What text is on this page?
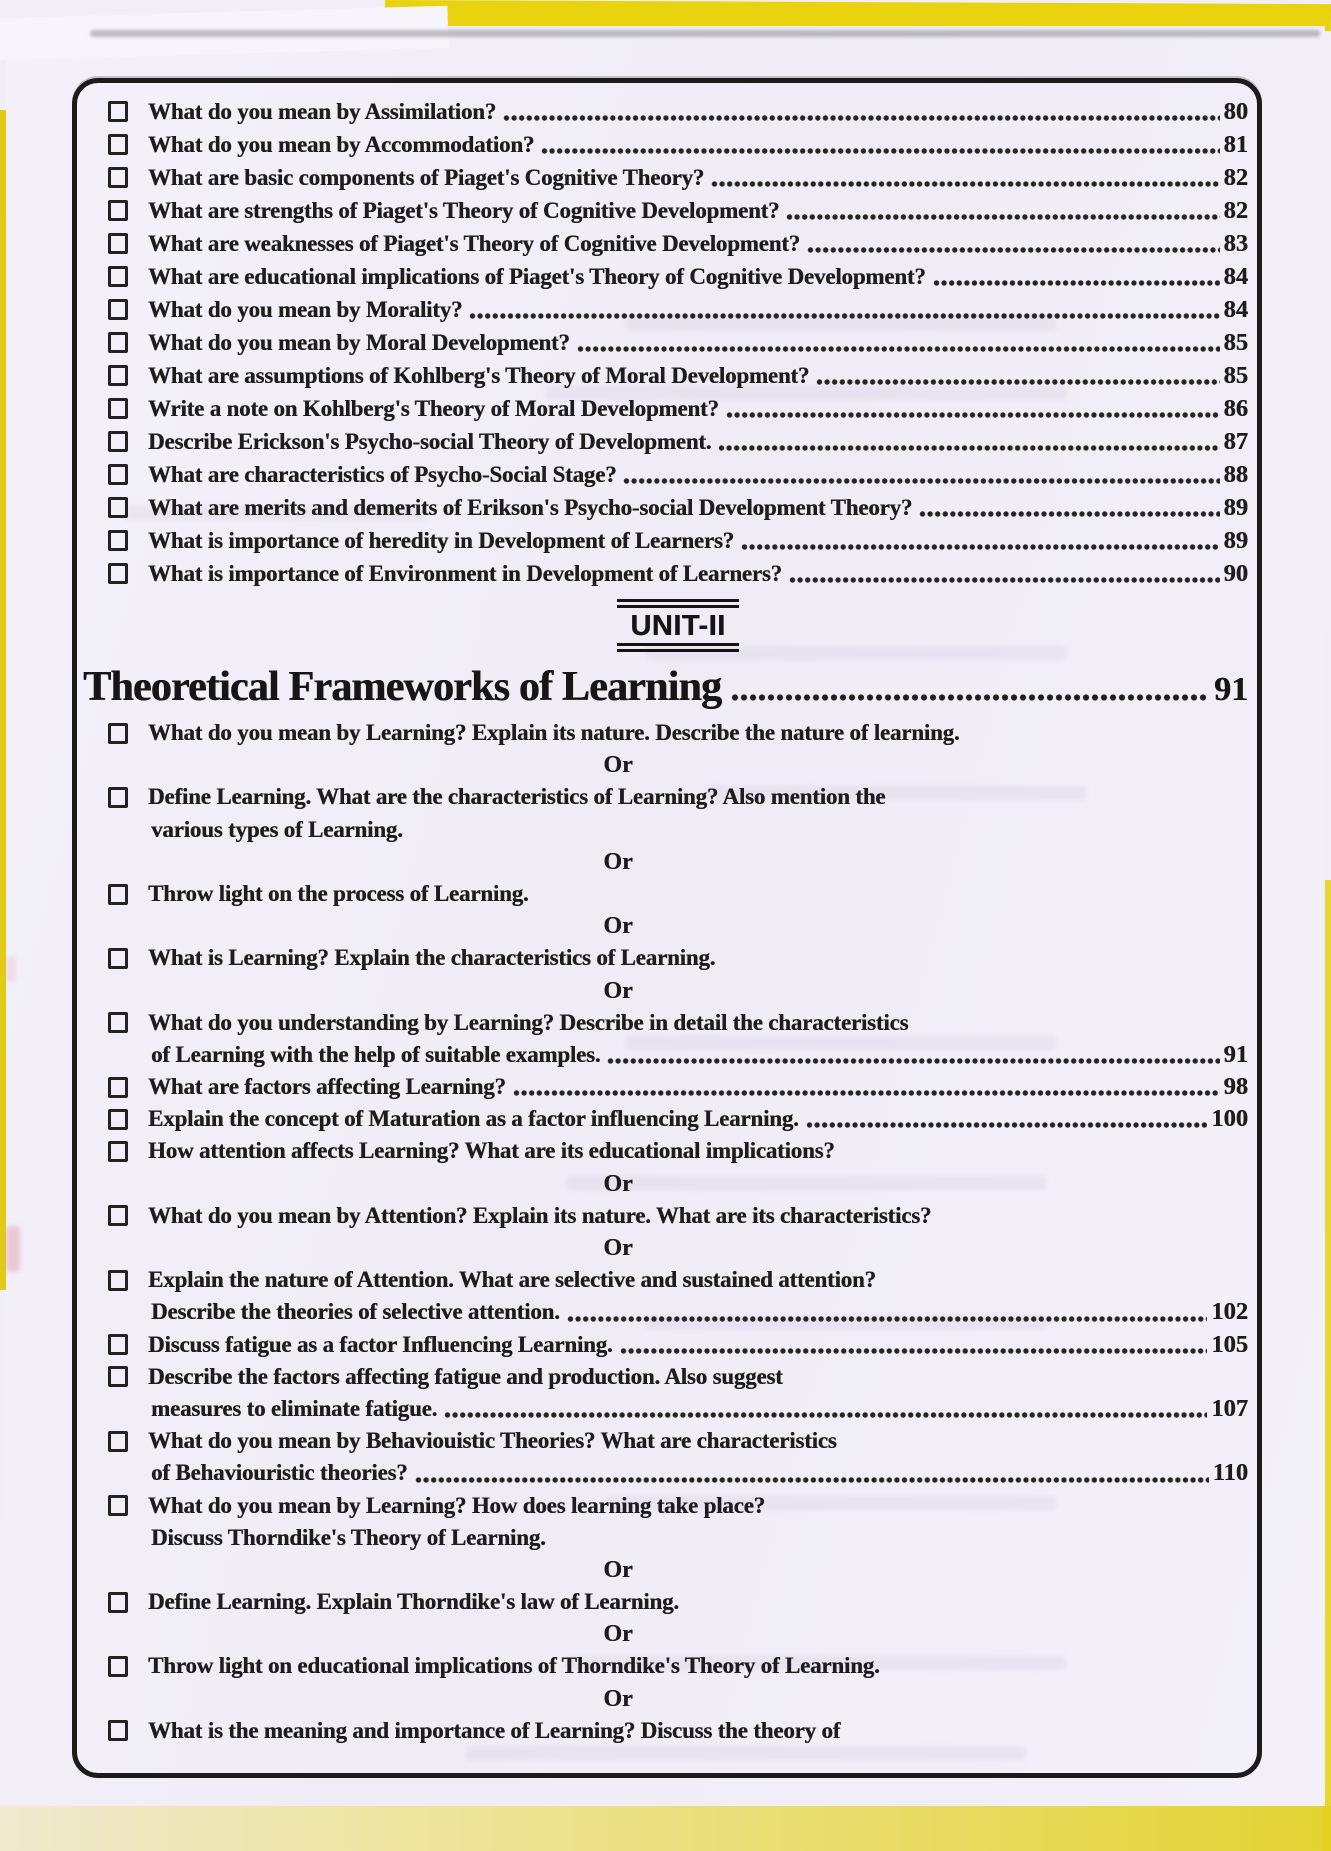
What do you mean by Assimilation?	80
What do you mean by Accommodation?	81
What are basic components of Piaget's Cognitive Theory?	82
What are strengths of Piaget's Theory of Cognitive Development?	82
What are weaknesses of Piaget's Theory of Cognitive Development?	83
What are educational implications of Piaget's Theory of Cognitive Development?	84
What do you mean by Morality?	84
What do you mean by Moral Development?	85
What are assumptions of Kohlberg's Theory of Moral Development?	85
Write a note on Kohlberg's Theory of Moral Development?	86
Describe Erickson's Psycho-social Theory of Development.	87
What are characteristics of Psycho-Social Stage?	88
What are merits and demerits of Erikson's Psycho-social Development Theory?	89
What is importance of heredity in Development of Learners?	89
What is importance of Environment in Development of Learners?	90
UNIT-II
Theoretical Frameworks of Learning	91
What do you mean by Learning? Explain its nature. Describe the nature of learning.
Or
Define Learning. What are the characteristics of Learning? Also mention the
various types of Learning.
Or
Throw light on the process of Learning.
Or
What is Learning? Explain the characteristics of Learning.
Or
What do you understanding by Learning? Describe in detail the characteristics
of Learning with the help of suitable examples.	91
What are factors affecting Learning?	98
Explain the concept of Maturation as a factor influencing Learning.	100
How attention affects Learning? What are its educational implications?
Or
What do you mean by Attention? Explain its nature. What are its characteristics?
Or
Explain the nature of Attention. What are selective and sustained attention?
Describe the theories of selective attention.	102
Discuss fatigue as a factor Influencing Learning.	105
Describe the factors affecting fatigue and production. Also suggest
measures to eliminate fatigue.	107
What do you mean by Behaviouistic Theories? What are characteristics
of Behaviouristic theories?	110
What do you mean by Learning? How does learning take place?
Discuss Thorndike's Theory of Learning.
Or
Define Learning. Explain Thorndike's law of Learning.
Or
Throw light on educational implications of Thorndike's Theory of Learning.
Or
What is the meaning and importance of Learning? Discuss the theory of
